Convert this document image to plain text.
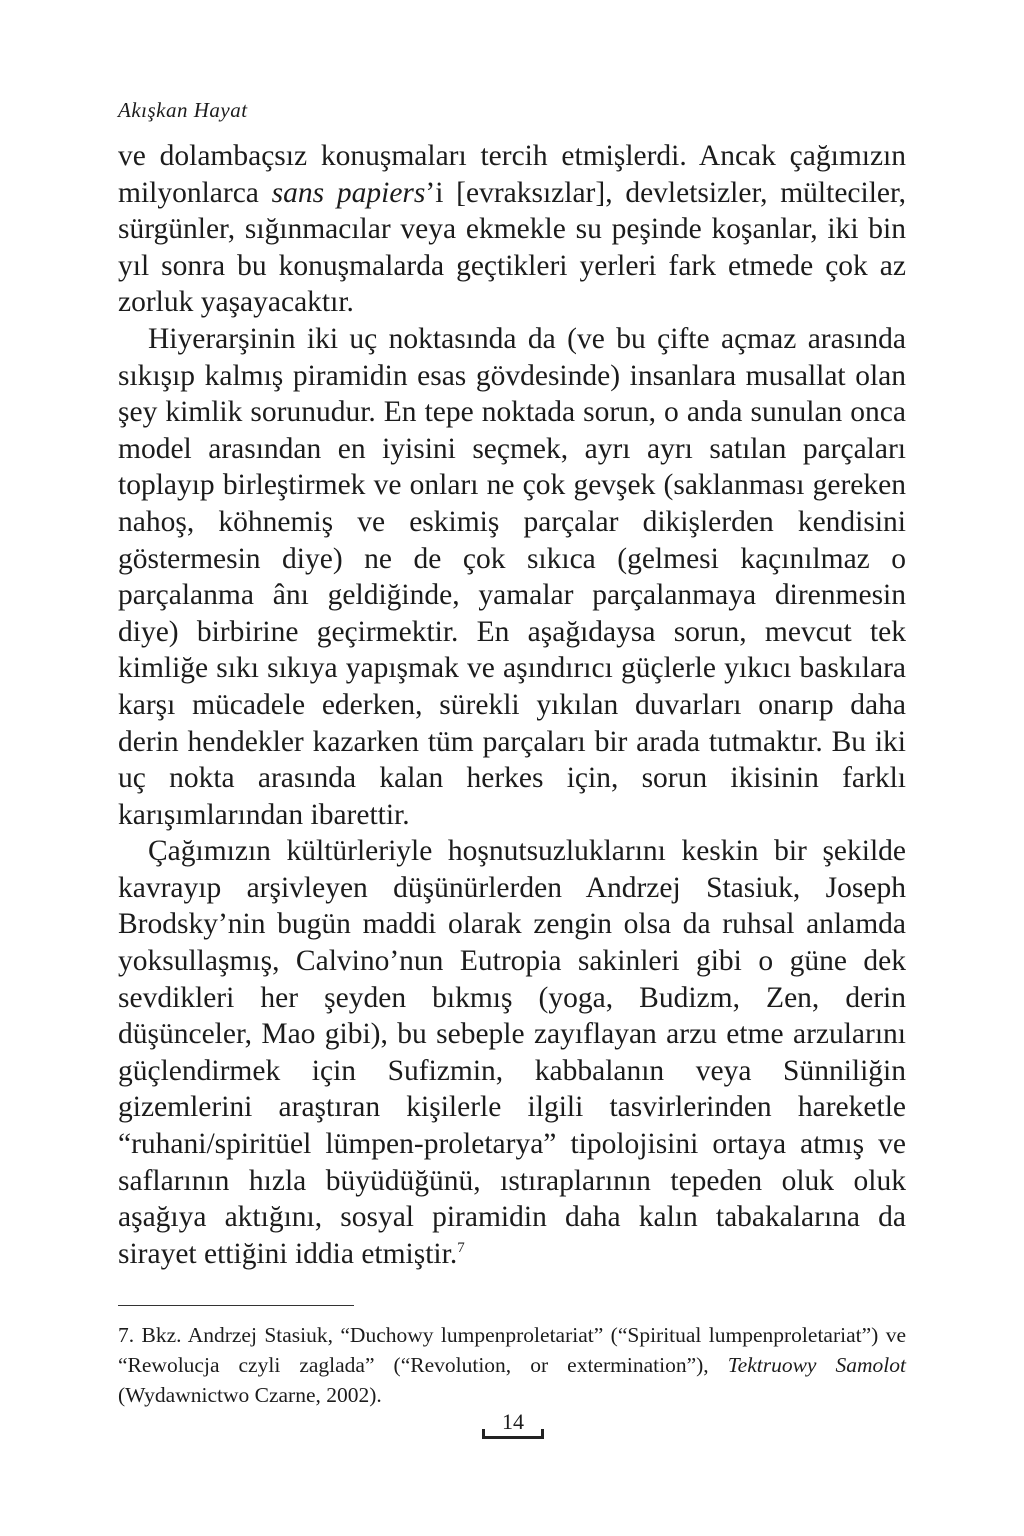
Akışkan Hayat

ve dolambaçsız konuşmaları tercih etmişlerdi. Ancak çağımızın milyonlarca sans papiers’i [evraksızlar], devletsizler, mülteciler, sürgünler, sığınmacılar veya ekmekle su peşinde koşanlar, iki bin yıl sonra bu konuşmalarda geçtikleri yerleri fark etmede çok az zorluk yaşayacaktır.

Hiyerarşinin iki uç noktasında da (ve bu çifte açmaz arasında sıkışıp kalmış piramidin esas gövdesinde) insanlara musallat olan şey kimlik sorunudur. En tepe noktada sorun, o anda sunulan onca model arasından en iyisini seçmek, ayrı ayrı satılan parçaları toplayıp birleştirmek ve onları ne çok gevşek (saklanması gereken nahoş, köhnemiş ve eskimiş parçalar dikişlerden kendisini göstermesin diye) ne de çok sıkıca (gelmesi kaçınılmaz o parçalanma ânı geldiğinde, yamalar parçalanmaya direnmesin diye) birbirine geçirmektir. En aşağıdaysa sorun, mevcut tek kimliğe sıkı sıkıya yapışmak ve aşındırıcı güçlerle yıkıcı baskılara karşı mücadele ederken, sürekli yıkılan duvarları onarıp daha derin hendekler kazarken tüm parçaları bir arada tutmaktır. Bu iki uç nokta arasında kalan herkes için, sorun ikisinin farklı karışımlarından ibarettir.

Çağımızın kültürleriyle hoşnutsuzluklarını keskin bir şekilde kavrayıp arşivleyen düşünürlerden Andrzej Stasiuk, Joseph Brodsky’nin bugün maddi olarak zengin olsa da ruhsal anlamda yoksullaşmış, Calvino’nun Eutropia sakinleri gibi o güne dek sevdikleri her şeyden bıkmış (yoga, Budizm, Zen, derin düşünceler, Mao gibi), bu sebeple zayıflayan arzu etme arzularını güçlendirmek için Sufizmin, kabbalanın veya Sünniliğin gizemlerini araştıran kişilerle ilgili tasvirlerinden hareketle “ruhani/spiritüel lümpen-proletarya” tipolojisini ortaya atmış ve saflarının hızla büyüdüğünü, ıstıraplarının tepeden oluk oluk aşağıya aktığını, sosyal piramidin daha kalın tabakalarına da sirayet ettiğini iddia etmiştir.$^7$

7. Bkz. Andrzej Stasiuk, “Duchowy lumpenproletariat” (“Spiritual lumpenproletariat”) ve “Rewolucja czyli zaglada” (“Revolution, or extermination”), Tektruowy Samolot (Wydawnictwo Czarne, 2002).
14
